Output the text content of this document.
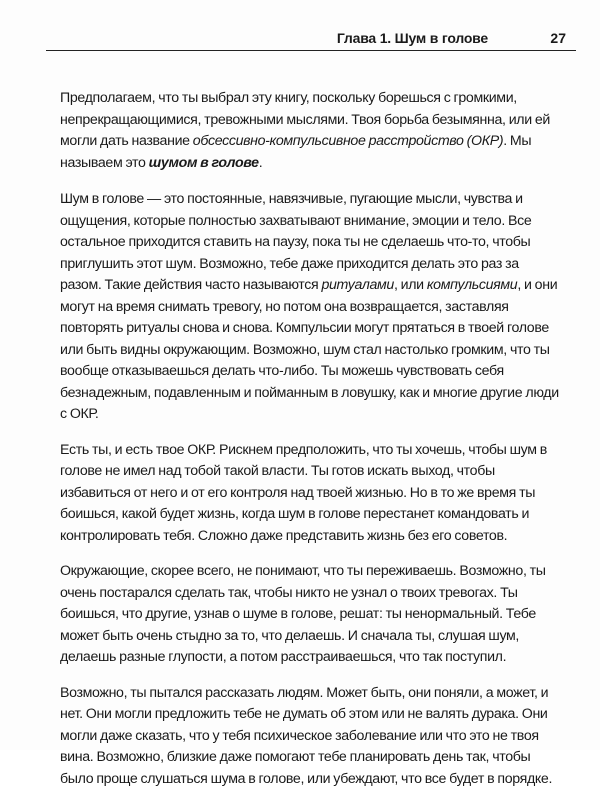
Глава 1. Шум в голове	27

Предполагаем, что ты выбрал эту книгу, поскольку борешься с громкими, непрекращающимися, тревожными мыслями. Твоя борьба безымянна, или ей могли дать название обсессивно-компульсивное расстройство (ОКР). Мы называем это шумом в голове.

Шум в голове — это постоянные, навязчивые, пугающие мысли, чувства и ощущения, которые полностью захватывают внимание, эмоции и тело. Все остальное приходится ставить на паузу, пока ты не сделаешь что-то, чтобы приглушить этот шум. Возможно, тебе даже приходится делать это раз за разом. Такие действия часто называются ритуалами, или компульсиями, и они могут на время снимать тревогу, но потом она возвращается, заставляя повторять ритуалы снова и снова. Компульсии могут прятаться в твоей голове или быть видны окружающим. Возможно, шум стал настолько громким, что ты вообще отказываешься делать что-либо. Ты можешь чувствовать себя безнадежным, подавленным и пойманным в ловушку, как и многие другие люди с ОКР.

Есть ты, и есть твое ОКР. Рискнем предположить, что ты хочешь, чтобы шум в голове не имел над тобой такой власти. Ты готов искать выход, чтобы избавиться от него и от его контроля над твоей жизнью. Но в то же время ты боишься, какой будет жизнь, когда шум в голове перестанет командовать и контролировать тебя. Сложно даже представить жизнь без его советов.

Окружающие, скорее всего, не понимают, что ты переживаешь. Возможно, ты очень постарался сделать так, чтобы никто не узнал о твоих тревогах. Ты боишься, что другие, узнав о шуме в голове, решат: ты ненормальный. Тебе может быть очень стыдно за то, что делаешь. И сначала ты, слушая шум, делаешь разные глупости, а потом расстраиваешься, что так поступил.

Возможно, ты пытался рассказать людям. Может быть, они поняли, а может, и нет. Они могли предложить тебе не думать об этом или не валять дурака. Они могли даже сказать, что у тебя психическое заболевание или что это не твоя вина. Возможно, близкие даже помогают тебе планировать день так, чтобы было проще слушаться шума в голове, или убеждают, что все будет в порядке.
